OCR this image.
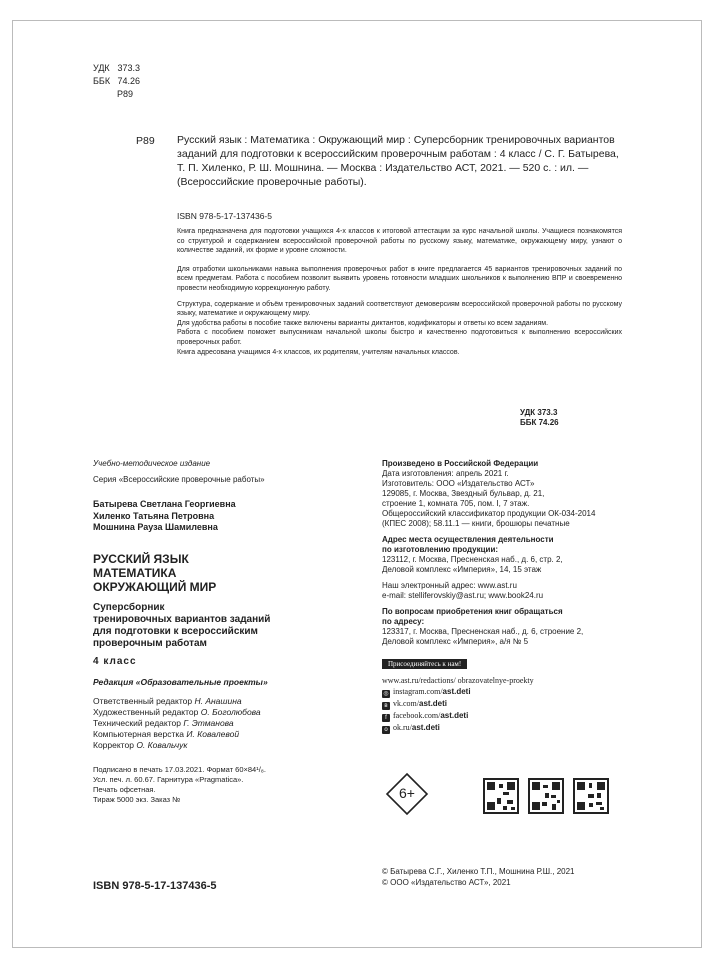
УДК 373.3
ББК 74.26
Р89
Р89 Русский язык : Математика : Окружающий мир : Суперсборник тренировочных вариантов заданий для подготовки к всероссийским проверочным работам : 4 класс / С. Г. Батырева, Т. П. Хиленко, Р. Ш. Мошнина. — Москва : Издательство АСТ, 2021. — 520 с. : ил. — (Всероссийские проверочные работы).
ISBN 978-5-17-137436-5

Книга предназначена для подготовки учащихся 4-х классов к итоговой аттестации за курс начальной школы. Учащиеся познакомятся со структурой и содержанием всероссийской проверочной работы по русскому языку, математике, окружающему миру, узнают о количестве заданий, их форме и уровне сложности.

Для отработки школьниками навыка выполнения проверочных работ в книге предлагается 45 вариантов тренировочных заданий по всем предметам. Работа с пособием позволит выявить уровень готовности младших школьников к выполнению ВПР и своевременно провести необходимую коррекционную работу.

Структура, содержание и объём тренировочных заданий соответствуют демоверсиям всероссийской проверочной работы по русскому языку, математике и окружающему миру.

Для удобства работы в пособие также включены варианты диктантов, кодификаторы и ответы ко всем заданиям.

Работа с пособием поможет выпускникам начальной школы быстро и качественно подготовиться к выполнению всероссийских проверочных работ.

Книга адресована учащимся 4-х классов, их родителям, учителям начальных классов.

УДК 373.3
ББК 74.26
Учебно-методическое издание
Серия «Всероссийские проверочные работы»
Батырева Светлана Георгиевна
Хиленко Татьяна Петровна
Мошнина Рауза Шамилевна
РУССКИЙ ЯЗЫК
МАТЕМАТИКА
ОКРУЖАЮЩИЙ МИР
Суперсборник
тренировочных вариантов заданий
для подготовки к всероссийским
проверочным работам
4 класс
Редакция «Образовательные проекты»
Ответственный редактор Н. Анашина
Художественный редактор О. Боголюбова
Технический редактор Г. Этманова
Компьютерная верстка И. Ковалевой
Корректор О. Ковальчук
Подписано в печать 17.03.2021. Формат 60×84¹/₈.
Усл. печ. л. 60.67. Гарнитура «Pragmatica».
Печать офсетная.
Тираж 5000 экз. Заказ №
ISBN 978-5-17-137436-5
Произведено в Российской Федерации
Дата изготовления: апрель 2021 г.
Изготовитель: ООО «Издательство АСТ»
129085, г. Москва, Звездный бульвар, д. 21,
строение 1, комната 705, пом. I, 7 этаж.
Общероссийский классификатор продукции ОК-034-2014
(КПЕС 2008); 58.11.1 — книги, брошюры печатные
Адрес места осуществления деятельности
по изготовлению продукции:
123112, г. Москва, Пресненская наб., д. 6, стр. 2,
Деловой комплекс «Империя», 14, 15 этаж
Наш электронный адрес: www.ast.ru
e-mail: stelliferovskiy@ast.ru; www.book24.ru
По вопросам приобретения книг обращаться
по адресу:
123317, г. Москва, Пресненская наб., д. 6, строение 2,
Деловой комплекс «Империя», а/я № 5
Присоединяйтесь к нам!
www.ast.ru/redactions/ obrazovatelnye-proekty
◎ instagram.com/ast.deti
в vk.com/ast.deti
f facebook.com/ast.deti
o ok.ru/ast.deti
6+
© Батырева С.Г., Хиленко Т.П., Мошнина Р.Ш., 2021
© ООО «Издательство АСТ», 2021
